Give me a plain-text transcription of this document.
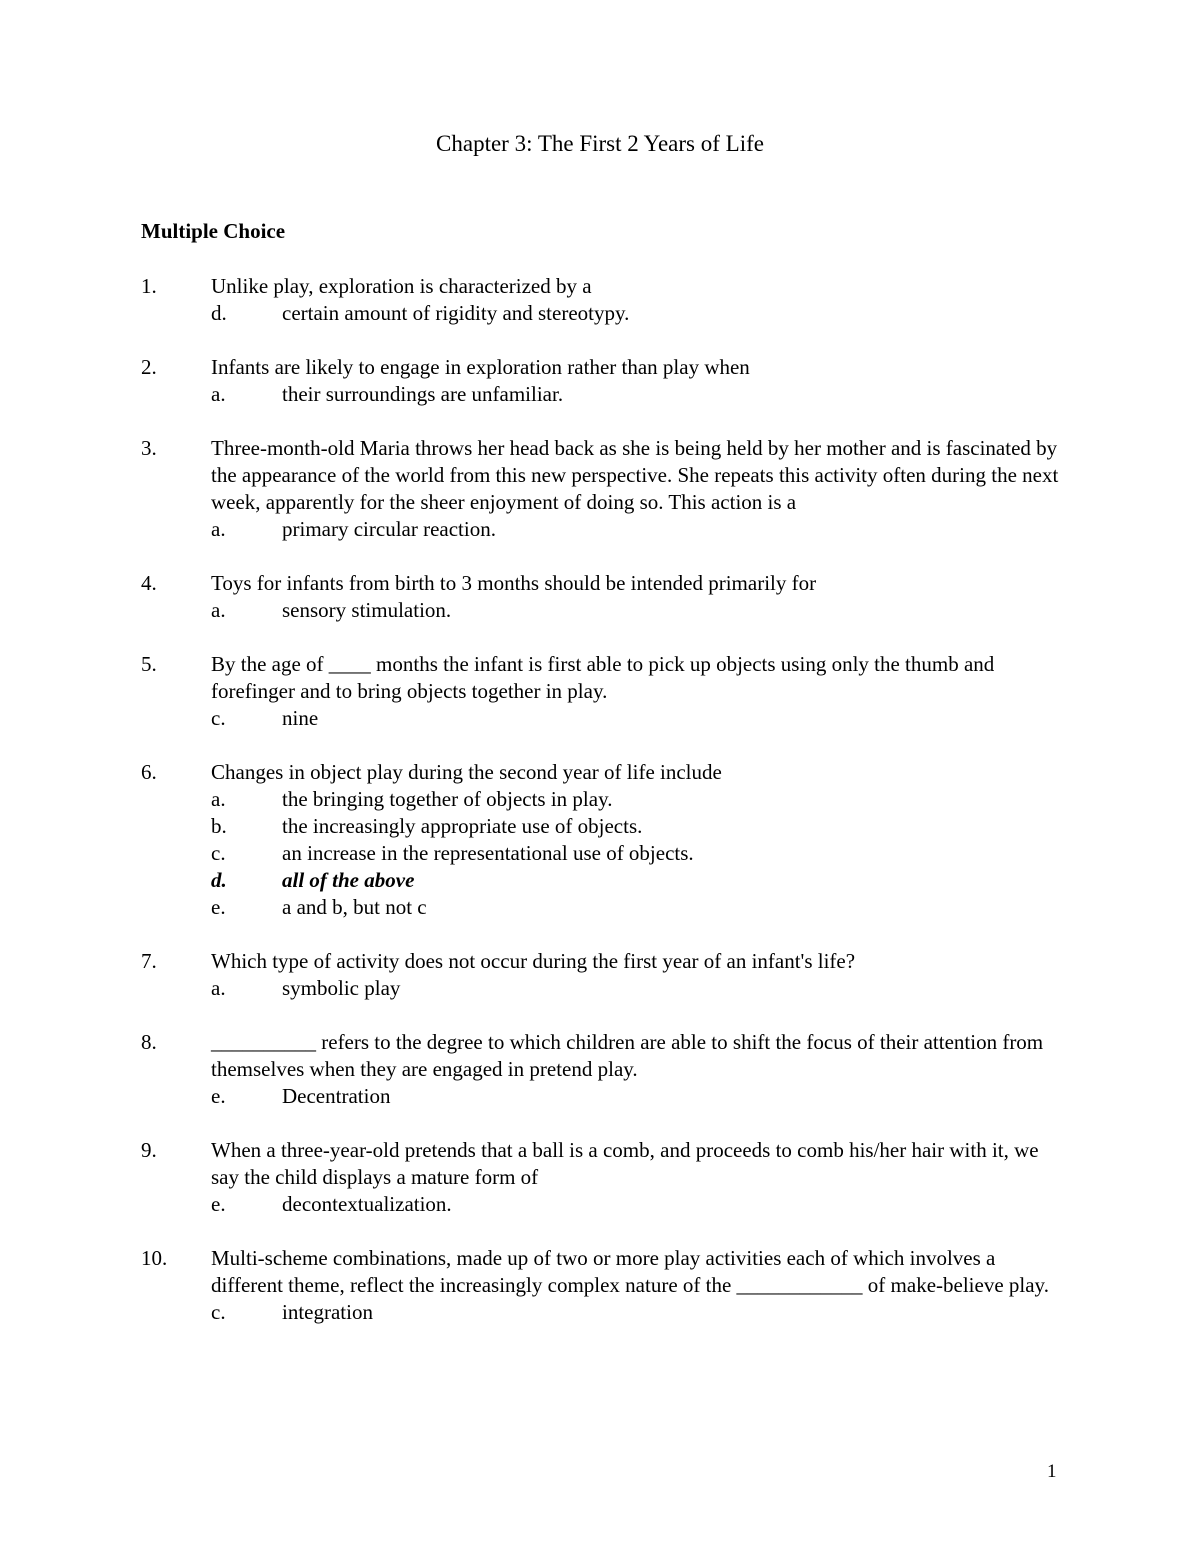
Chapter 3: The First 2 Years of Life
Multiple Choice
1.	Unlike play, exploration is characterized by a
d.	certain amount of rigidity and stereotypy.
2.	Infants are likely to engage in exploration rather than play when
a.	their surroundings are unfamiliar.
3.	Three-month-old Maria throws her head back as she is being held by her mother and is fascinated by the appearance of the world from this new perspective. She repeats this activity often during the next week, apparently for the sheer enjoyment of doing so. This action is a
a.	primary circular reaction.
4.	Toys for infants from birth to 3 months should be intended primarily for
a.	sensory stimulation.
5.	By the age of ____ months the infant is first able to pick up objects using only the thumb and forefinger and to bring objects together in play.
c.	nine
6.	Changes in object play during the second year of life include
a.	the bringing together of objects in play.
b.	the increasingly appropriate use of objects.
c.	an increase in the representational use of objects.
d.	all of the above
e.	a and b, but not c
7.	Which type of activity does not occur during the first year of an infant's life?
a.	symbolic play
8.	__________ refers to the degree to which children are able to shift the focus of their attention from themselves when they are engaged in pretend play.
e.	Decentration
9.	When a three-year-old pretends that a ball is a comb, and proceeds to comb his/her hair with it, we say the child displays a mature form of
e.	decontextualization.
10.	Multi-scheme combinations, made up of two or more play activities each of which involves a different theme, reflect the increasingly complex nature of the ____________ of make-believe play.
c.	integration
1
